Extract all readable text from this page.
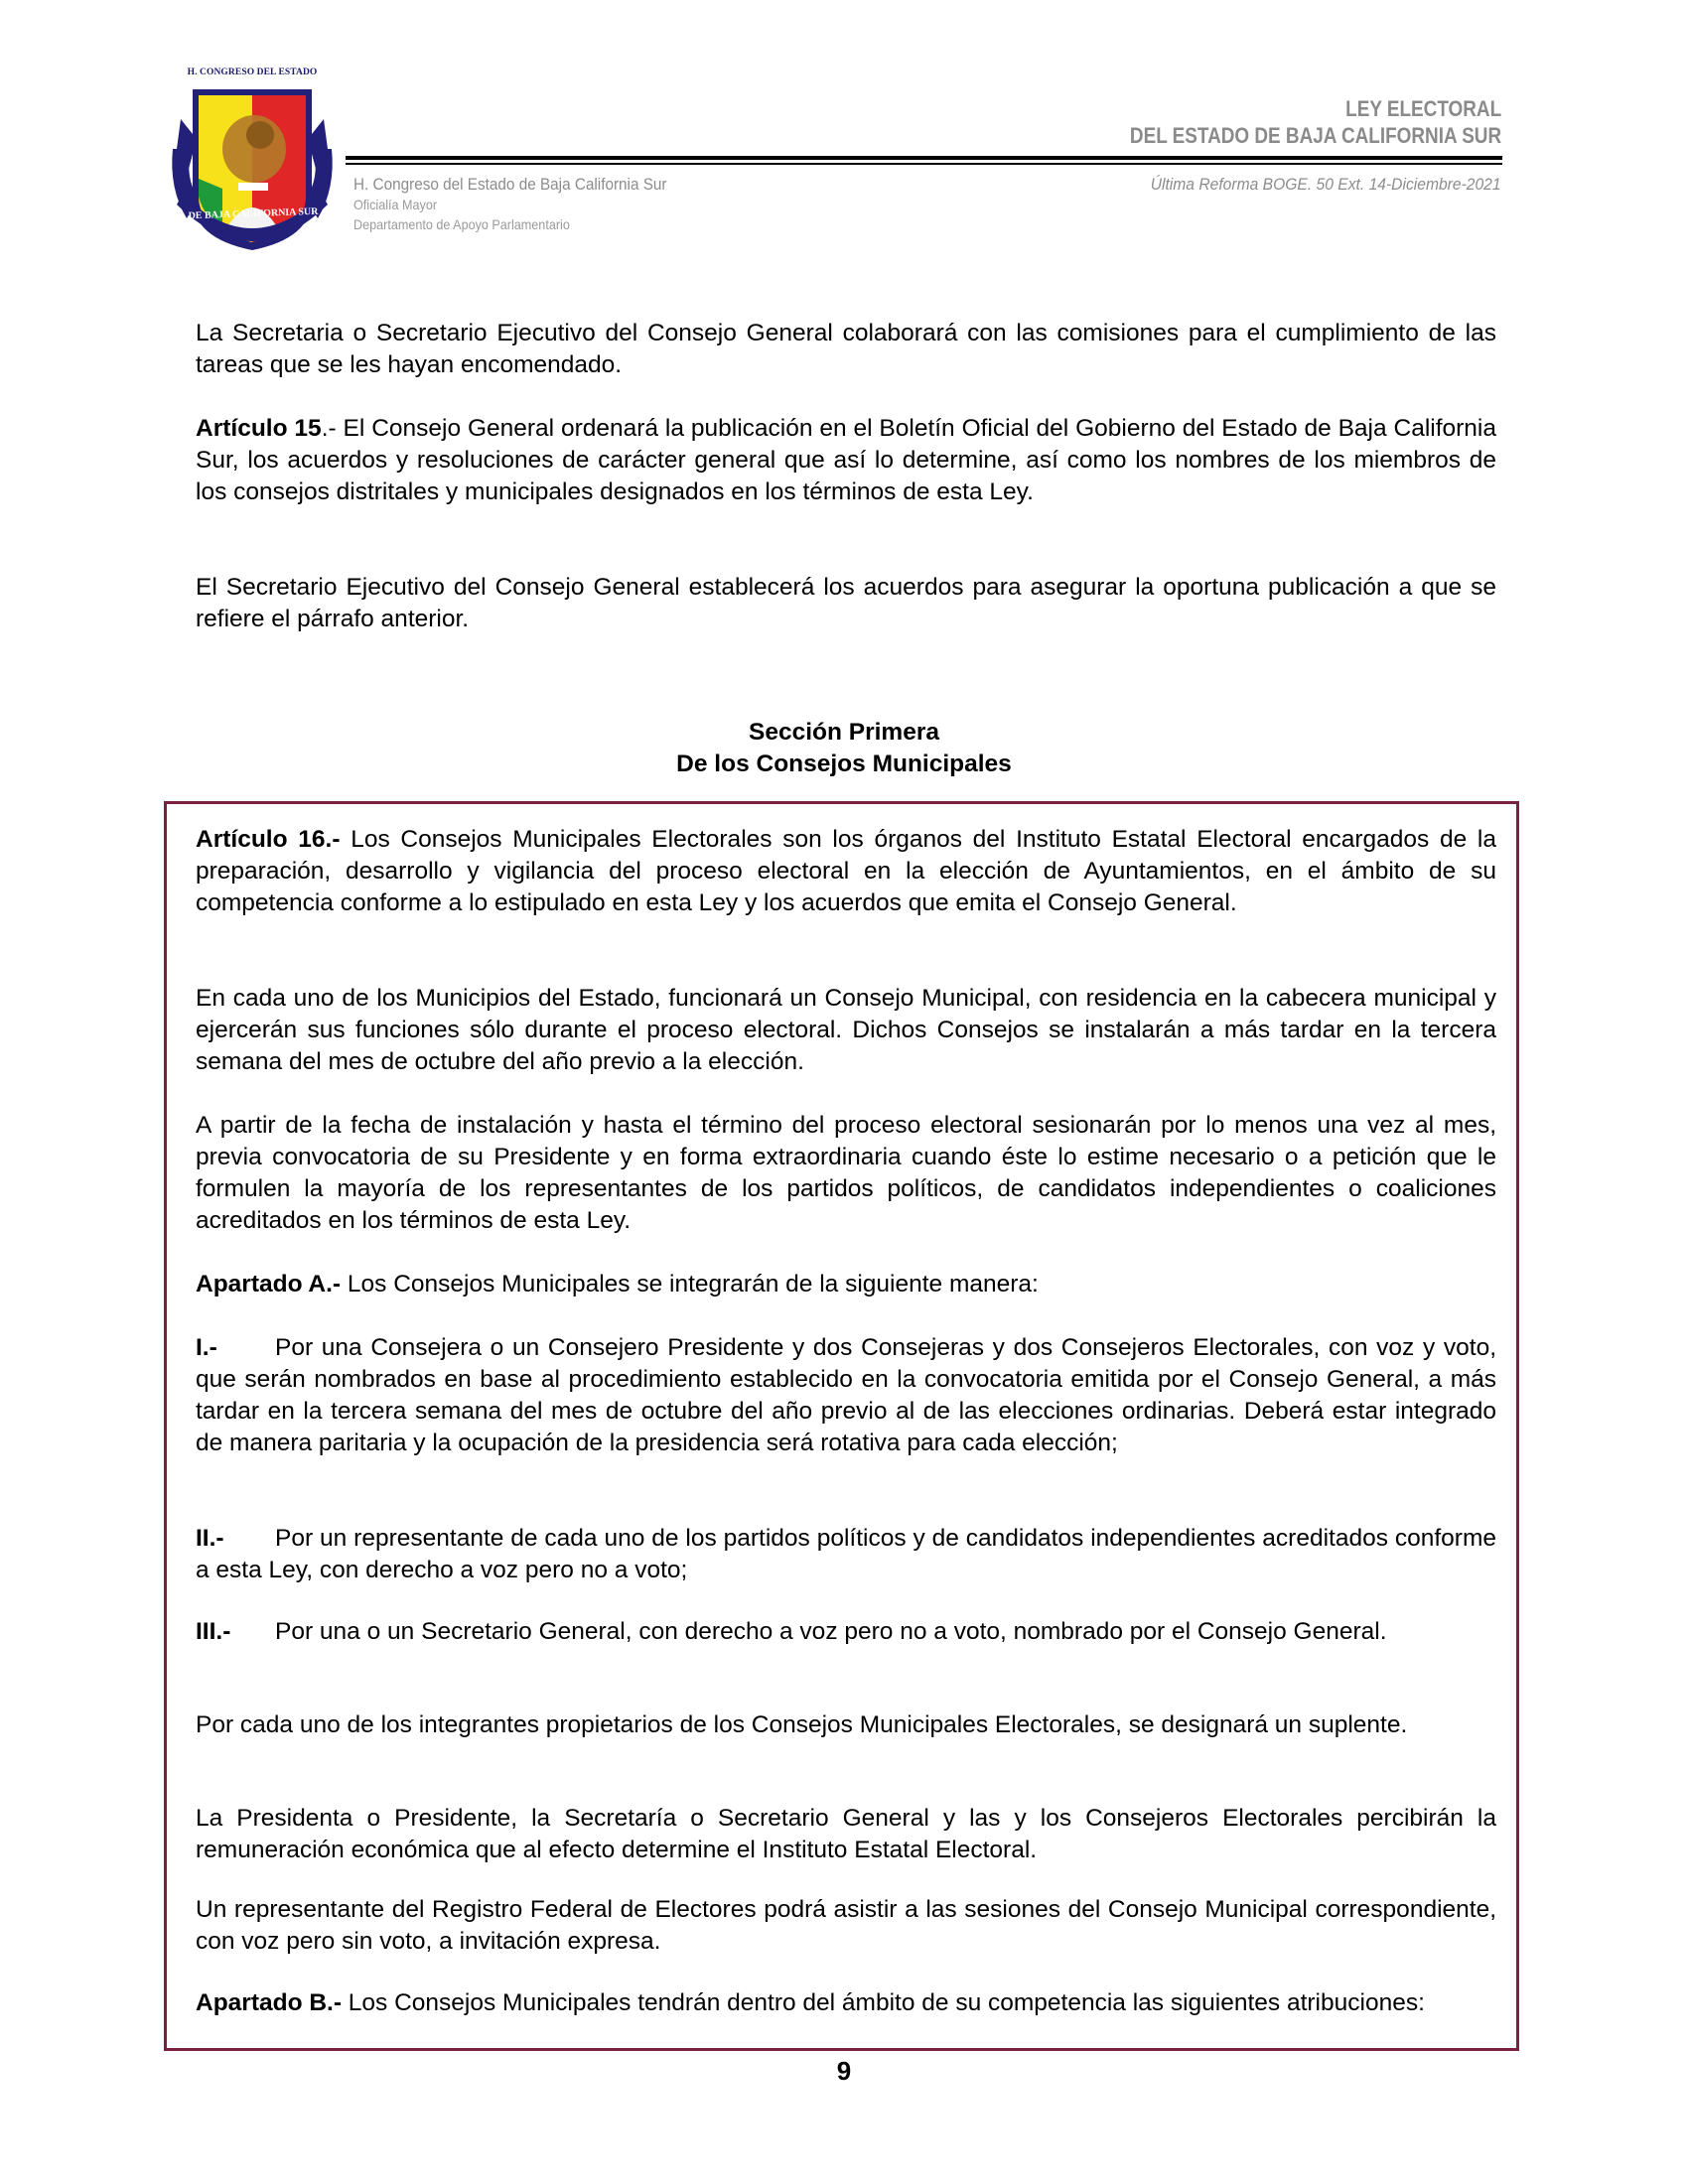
H. CONGRESO DEL ESTADO
DE BAJA CALIFORNIA SUR
LEY ELECTORAL
DEL ESTADO DE BAJA CALIFORNIA SUR
H. Congreso del Estado de Baja California Sur
Oficialía Mayor
Departamento de Apoyo Parlamentario
Última Reforma BOGE. 50 Ext. 14-Diciembre-2021

La Secretaria o Secretario Ejecutivo del Consejo General colaborará con las comisiones para el cumplimiento de las tareas que se les hayan encomendado.

Artículo 15.- El Consejo General ordenará la publicación en el Boletín Oficial del Gobierno del Estado de Baja California Sur, los acuerdos y resoluciones de carácter general que así lo determine, así como los nombres de los miembros de los consejos distritales y municipales designados en los términos de esta Ley.

El Secretario Ejecutivo del Consejo General establecerá los acuerdos para asegurar la oportuna publicación a que se refiere el párrafo anterior.

Sección Primera
De los Consejos Municipales

Artículo 16.- Los Consejos Municipales Electorales son los órganos del Instituto Estatal Electoral encargados de la preparación, desarrollo y vigilancia del proceso electoral en la elección de Ayuntamientos, en el ámbito de su competencia conforme a lo estipulado en esta Ley y los acuerdos que emita el Consejo General.

En cada uno de los Municipios del Estado, funcionará un Consejo Municipal, con residencia en la cabecera municipal y ejercerán sus funciones sólo durante el proceso electoral. Dichos Consejos se instalarán a más tardar en la tercera semana del mes de octubre del año previo a la elección.

A partir de la fecha de instalación y hasta el término del proceso electoral sesionarán por lo menos una vez al mes, previa convocatoria de su Presidente y en forma extraordinaria cuando éste lo estime necesario o a petición que le formulen la mayoría de los representantes de los partidos políticos, de candidatos independientes o coaliciones acreditados en los términos de esta Ley.

Apartado A.- Los Consejos Municipales se integrarán de la siguiente manera:

I.- Por una Consejera o un Consejero Presidente y dos Consejeras y dos Consejeros Electorales, con voz y voto, que serán nombrados en base al procedimiento establecido en la convocatoria emitida por el Consejo General, a más tardar en la tercera semana del mes de octubre del año previo al de las elecciones ordinarias. Deberá estar integrado de manera paritaria y la ocupación de la presidencia será rotativa para cada elección;

II.- Por un representante de cada uno de los partidos políticos y de candidatos independientes acreditados conforme a esta Ley, con derecho a voz pero no a voto;

III.- Por una o un Secretario General, con derecho a voz pero no a voto, nombrado por el Consejo General.

Por cada uno de los integrantes propietarios de los Consejos Municipales Electorales, se designará un suplente.

La Presidenta o Presidente, la Secretaría o Secretario General y las y los Consejeros Electorales percibirán la remuneración económica que al efecto determine el Instituto Estatal Electoral.

Un representante del Registro Federal de Electores podrá asistir a las sesiones del Consejo Municipal correspondiente, con voz pero sin voto, a invitación expresa.

Apartado B.- Los Consejos Municipales tendrán dentro del ámbito de su competencia las siguientes atribuciones:

9
